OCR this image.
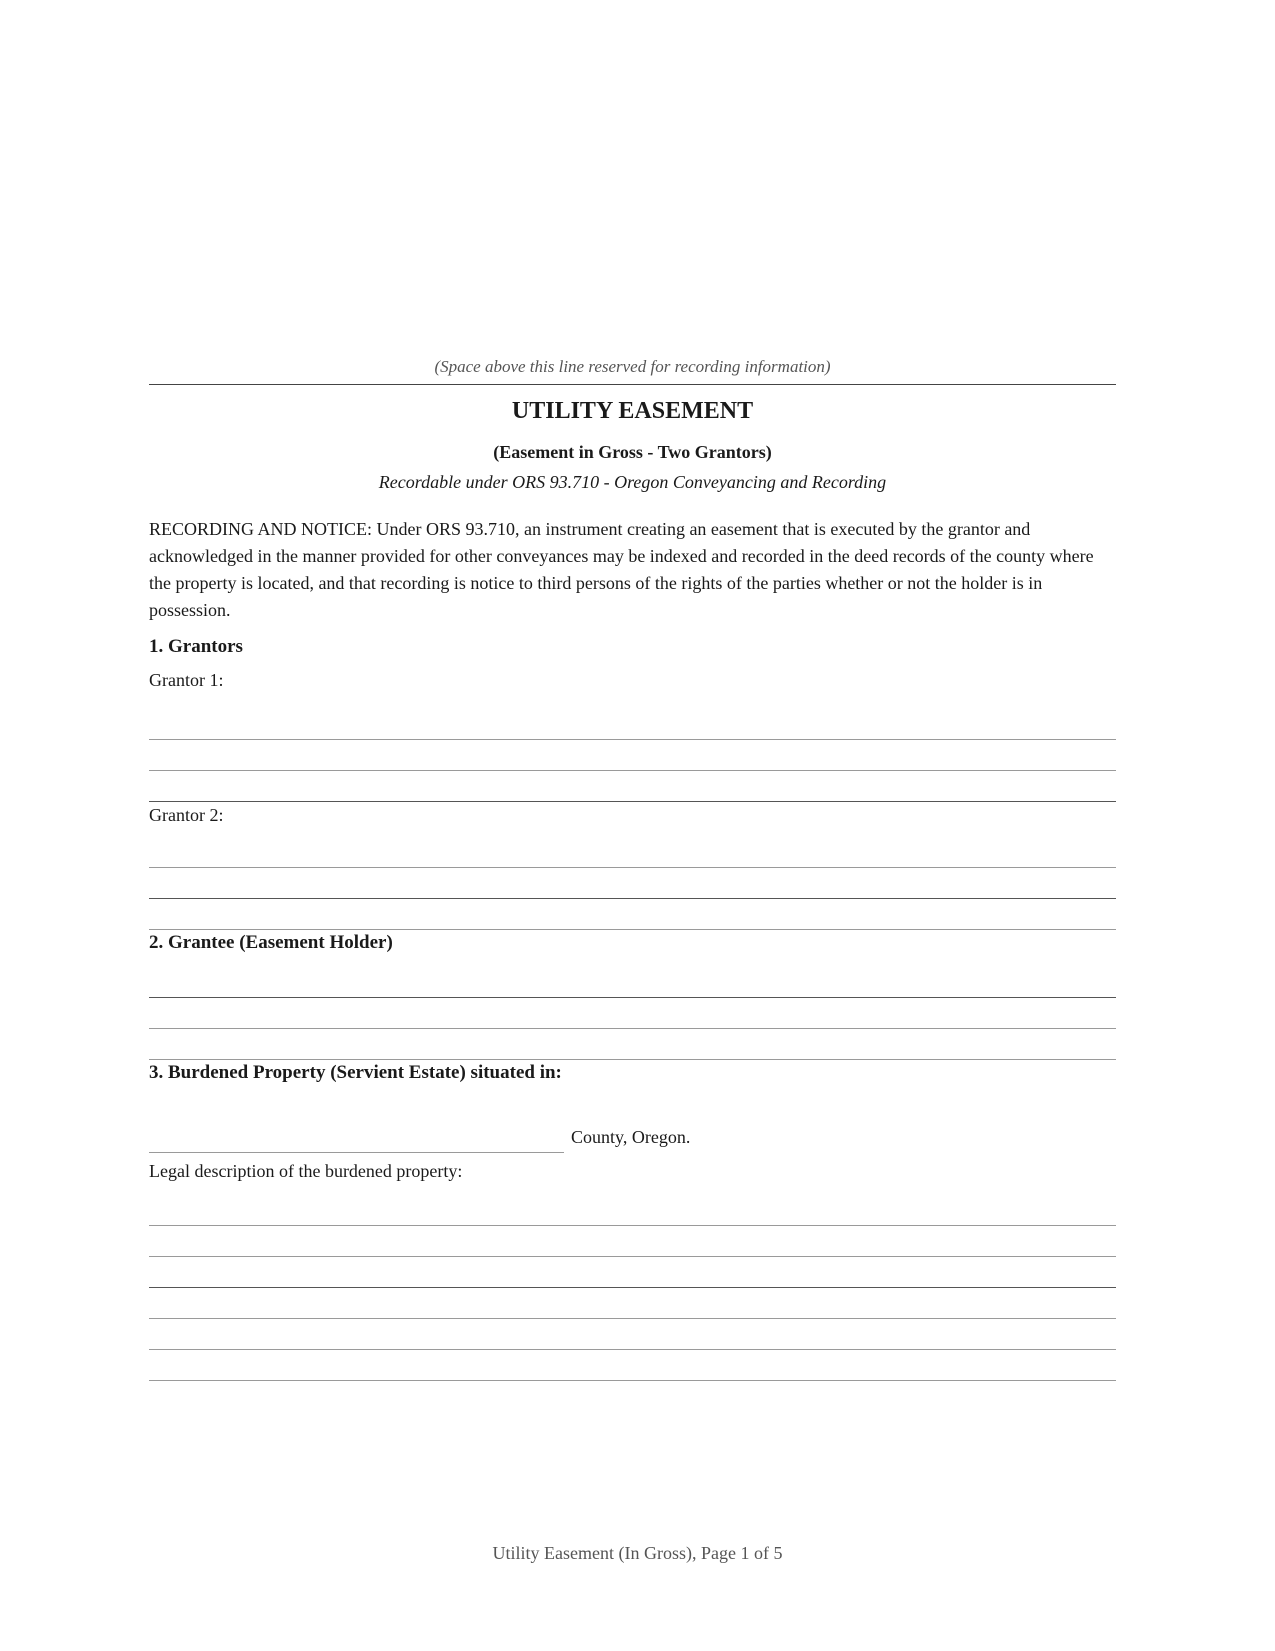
(Space above this line reserved for recording information)
UTILITY EASEMENT
(Easement in Gross - Two Grantors)
Recordable under ORS 93.710 - Oregon Conveyancing and Recording

RECORDING AND NOTICE: Under ORS 93.710, an instrument creating an easement that is executed by the grantor and acknowledged in the manner provided for other conveyances may be indexed and recorded in the deed records of the county where the property is located, and that recording is notice to third persons of the rights of the parties whether or not the holder is in possession.

1. Grantors
Grantor 1:
Grantor 2:
2. Grantee (Easement Holder)
3. Burdened Property (Servient Estate) situated in:
County, Oregon.
Legal description of the burdened property:
Utility Easement (In Gross), Page 1 of 5
